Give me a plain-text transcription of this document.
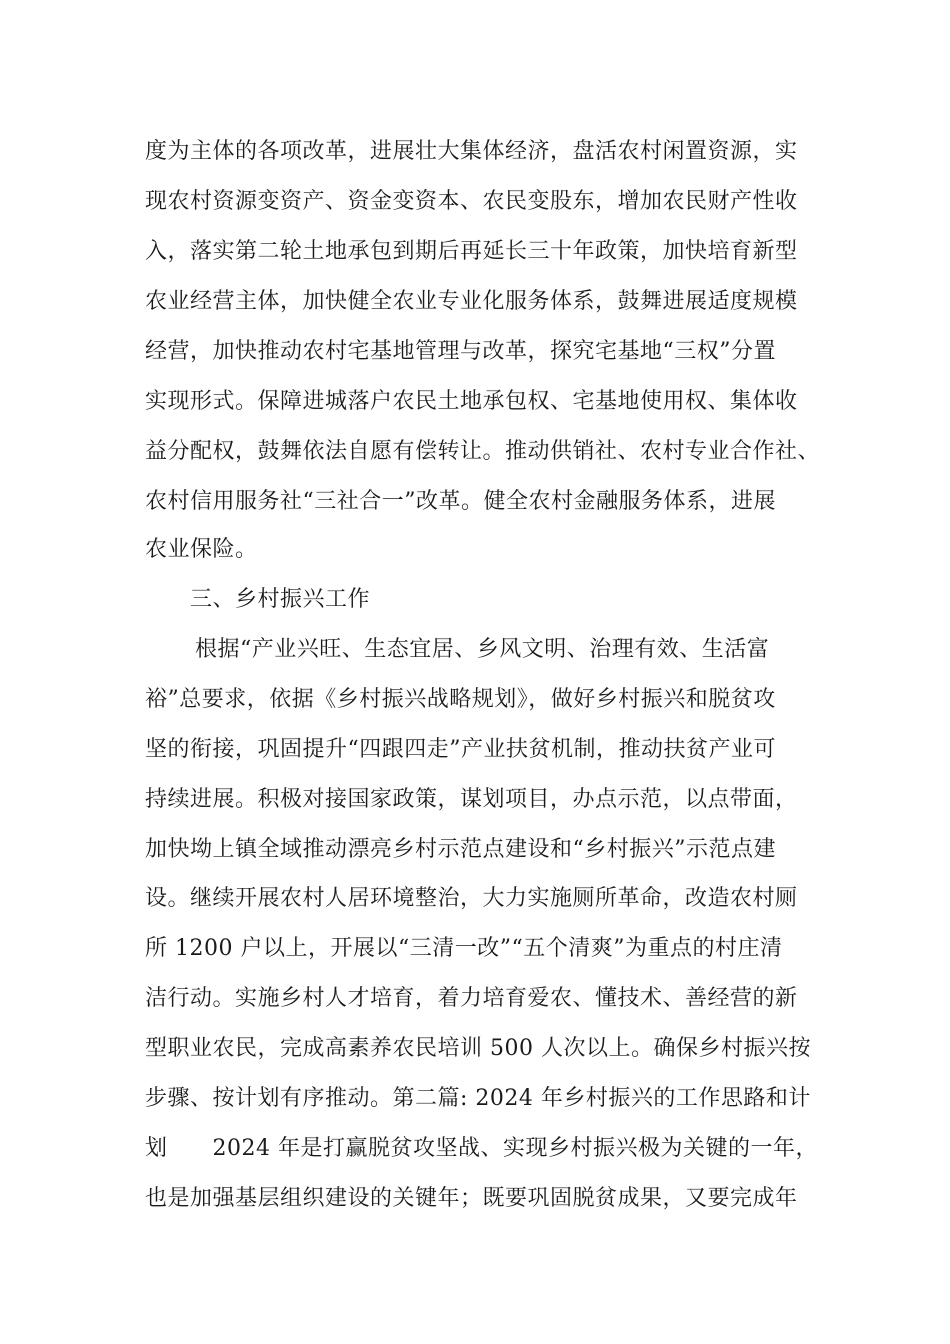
度为主体的各项改革，进展壮大集体经济，盘活农村闲置资源，实
现农村资源变资产、资金变资本、农民变股东，增加农民财产性收
入，落实第二轮土地承包到期后再延长三十年政策，加快培育新型
农业经营主体，加快健全农业专业化服务体系，鼓舞进展适度规模
经营，加快推动农村宅基地管理与改革，探究宅基地“三权”分置
实现形式。保障进城落户农民土地承包权、宅基地使用权、集体收
益分配权，鼓舞依法自愿有偿转让。推动供销社、农村专业合作社、
农村信用服务社“三社合一”改革。健全农村金融服务体系，进展
农业保险。
三、乡村振兴工作
根据“产业兴旺、生态宜居、乡风文明、治理有效、生活富
裕”总要求，依据《乡村振兴战略规划》，做好乡村振兴和脱贫攻
坚的衔接，巩固提升“四跟四走”产业扶贫机制，推动扶贫产业可
持续进展。积极对接国家政策，谋划项目，办点示范，以点带面，
加快坳上镇全域推动漂亮乡村示范点建设和“乡村振兴”示范点建
设。继续开展农村人居环境整治，大力实施厕所革命，改造农村厕
所 1200 户以上，开展以“三清一改”“五个清爽”为重点的村庄清
洁行动。实施乡村人才培育，着力培育爱农、懂技术、善经营的新
型职业农民，完成高素养农民培训 500 人次以上。确保乡村振兴按
步骤、按计划有序推动。第二篇: 2024 年乡村振兴的工作思路和计
划      2024 年是打赢脱贫攻坚战、实现乡村振兴极为关键的一年，
也是加强基层组织建设的关键年；既要巩固脱贫成果，又要完成年
